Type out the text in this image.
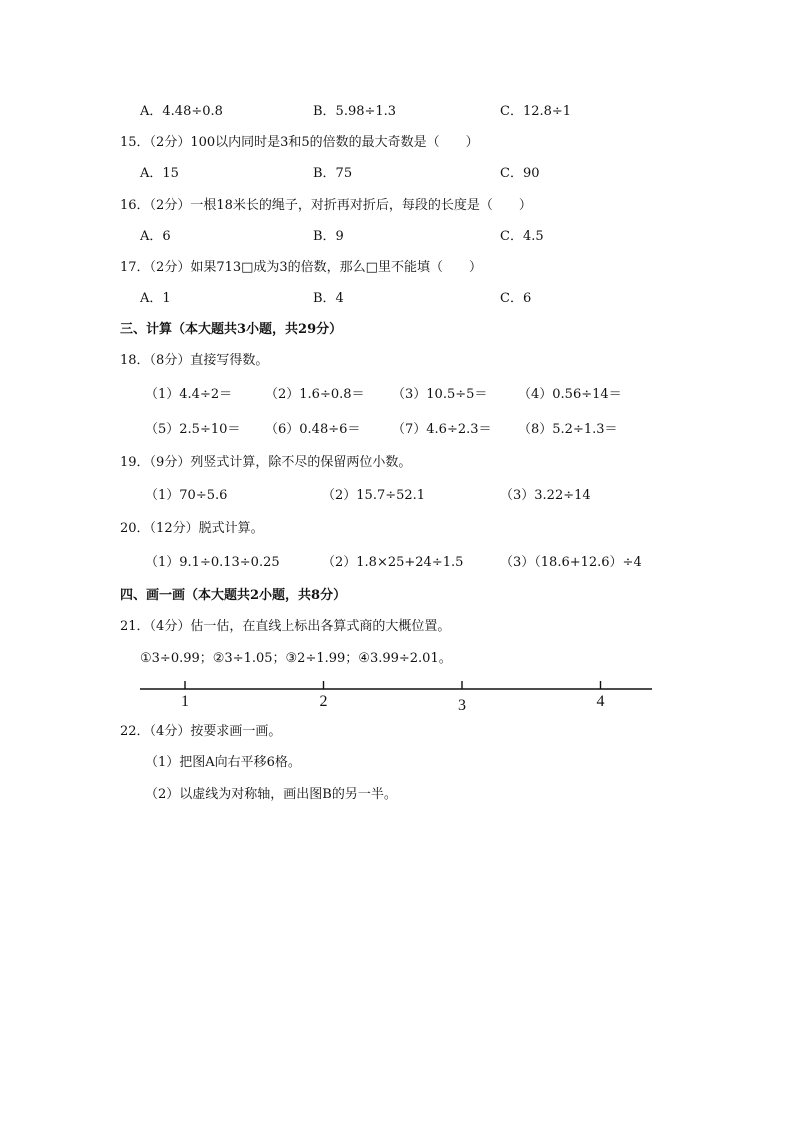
A．4.48÷0.8	B．5.98÷1.3	C．12.8÷1
15．（2分）100以内同时是3和5的倍数的最大奇数是（　　）
A．15	B．75	C．90
16．（2分）一根18米长的绳子，对折再对折后，每段的长度是（　　）
A．6	B．9	C．4.5
17．（2分）如果713□成为3的倍数，那么□里不能填（　　）
A．1	B．4	C．6
三、计算（本大题共3小题，共29分）
18．（8分）直接写得数。
（1）4.4÷2＝	（2）1.6÷0.8＝ （3）10.5÷5＝ （4）0.56÷14＝
（5）2.5÷10＝ （6）0.48÷6＝ （7）4.6÷2.3＝ （8）5.2÷1.3＝
19．（9分）列竖式计算，除不尽的保留两位小数。
（1）70÷5.6	（2）15.7÷52.1	（3）3.22÷14
20．（12分）脱式计算。
（1）9.1÷0.13÷0.25	（2）1.8×25+24÷1.5	（3）（18.6+12.6）÷4
四、画一画（本大题共2小题，共8分）
21．（4分）估一估，在直线上标出各算式商的大概位置。
①3÷0.99；②3÷1.05；③2÷1.99；④3.99÷2.01。
1	2	3	4
22．（4分）按要求画一画。
（1）把图A向右平移6格。
（2）以虚线为对称轴，画出图B的另一半。
